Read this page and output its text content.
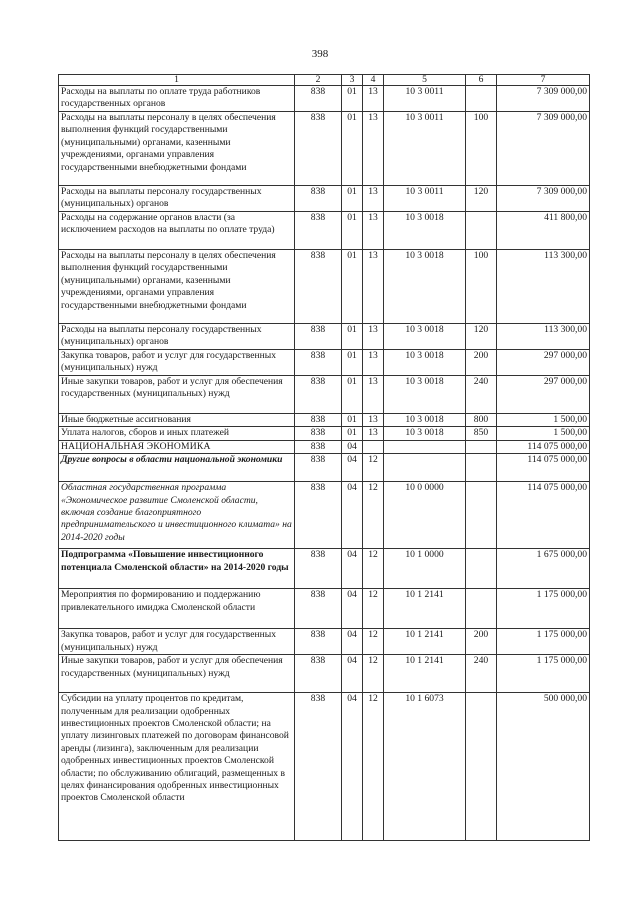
398
1	2	3	4	5	6	7
Расходы на выплаты по оплате труда работников государственных органов	838	01	13	10 3 0011		7 309 000,00
Расходы на выплаты персоналу в целях обеспечения выполнения функций государственными (муниципальными) органами, казенными учреждениями, органами управления государственными внебюджетными фондами	838	01	13	10 3 0011	100	7 309 000,00
Расходы на выплаты персоналу государственных (муниципальных) органов	838	01	13	10 3 0011	120	7 309 000,00
Расходы на содержание органов власти (за исключением расходов на выплаты по оплате труда)	838	01	13	10 3 0018		411 800,00
Расходы на выплаты персоналу в целях обеспечения выполнения функций государственными (муниципальными) органами, казенными учреждениями, органами управления государственными внебюджетными фондами	838	01	13	10 3 0018	100	113 300,00
Расходы на выплаты персоналу государственных (муниципальных) органов	838	01	13	10 3 0018	120	113 300,00
Закупка товаров, работ и услуг для государственных (муниципальных) нужд	838	01	13	10 3 0018	200	297 000,00
Иные закупки товаров, работ и услуг для обеспечения государственных (муниципальных) нужд	838	01	13	10 3 0018	240	297 000,00
Иные бюджетные ассигнования	838	01	13	10 3 0018	800	1 500,00
Уплата налогов, сборов и иных платежей	838	01	13	10 3 0018	850	1 500,00
НАЦИОНАЛЬНАЯ ЭКОНОМИКА	838	04				114 075 000,00
Другие вопросы в области национальной экономики	838	04	12			114 075 000,00
Областная государственная программа «Экономическое развитие Смоленской области, включая создание благоприятного предпринимательского и инвестиционного климата» на 2014-2020 годы	838	04	12	10 0 0000		114 075 000,00
Подпрограмма «Повышение инвестиционного потенциала Смоленской области» на 2014-2020 годы	838	04	12	10 1 0000		1 675 000,00
Мероприятия по формированию и поддержанию привлекательного имиджа Смоленской области	838	04	12	10 1 2141		1 175 000,00
Закупка товаров, работ и услуг для государственных (муниципальных) нужд	838	04	12	10 1 2141	200	1 175 000,00
Иные закупки товаров, работ и услуг для обеспечения государственных (муниципальных) нужд	838	04	12	10 1 2141	240	1 175 000,00
Субсидии на уплату процентов по кредитам, полученным для реализации одобренных инвестиционных проектов Смоленской области; на уплату лизинговых платежей по договорам финансовой аренды (лизинга), заключенным для реализации одобренных инвестиционных проектов Смоленской области; по обслуживанию облигаций, размещенных в целях финансирования одобренных инвестиционных проектов Смоленской области	838	04	12	10 1 6073		500 000,00
